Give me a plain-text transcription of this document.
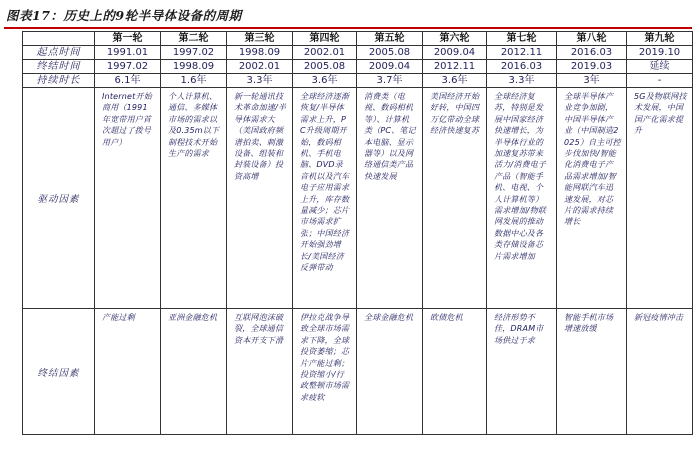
图表17：历史上的9轮半导体设备的周期
	第一轮	第二轮	第三轮	第四轮	第五轮	第六轮	第七轮	第八轮	第九轮
起点时间	1991.01	1997.02	1998.09	2002.01	2005.08	2009.04	2012.11	2016.03	2019.10
终结时间	1997.02	1998.09	2002.01	2005.08	2009.04	2012.11	2016.03	2019.03	延续
持续时长	6.1年	1.6年	3.3年	3.6年	3.7年	3.6年	3.3年	3年	-
驱动因素	Internet开始商用（1991年宽带用户首次超过了拨号用户）	个人计算机、通信、多媒体市场的需求以及0.35m以下制程技术开始生产的需求	新一轮通讯技术革命加速/半导体需求大（美国政府频谱拍卖、刺激设备、组装和封装设备）投资高增	全球经济逐渐恢复/半导体需求上升，PC升级周期开始，数码相机、手机电脑、DVD录音机以及汽车电子应用需求上升，库存数量减少；芯片市场需求扩张；中国经济开始强劲增长/美国经济反弹带动	消费类（电视、数码相机等）、计算机类（PC、笔记本电脑、显示器等）以及网络通信类产品快速发展	美国经济开始好转，中国四万亿带动全球经济快速复苏	全球经济复苏，特别是发展中国家经济快速增长，为半导体行业的加速复苏带来活力/消费电子产品（智能手机、电视、个人计算机等）需求增加/物联网发展的推动数据中心及各类存储设备芯片需求增加	全球半导体产业竞争加剧，中国半导体产业（中国制造2025）自主可控步伐加快/智能化消费电子产品需求增加/智能网联汽车迅速发展，对芯片的需求持续增长	5G及物联网技术发展，中国国产化需求提升

终结因素	产能过剩	亚洲金融危机	互联网泡沫破裂，全球通信资本开支下滑	伊拉克战争导致全球市场需求下降，全球投资萎缩；芯片产能过剩；投资缩小/行政整顿市场需求疲软	全球金融危机	欧债危机	经济形势不佳，DRAM市场供过于求	智能手机市场增速放缓	新冠疫情冲击
